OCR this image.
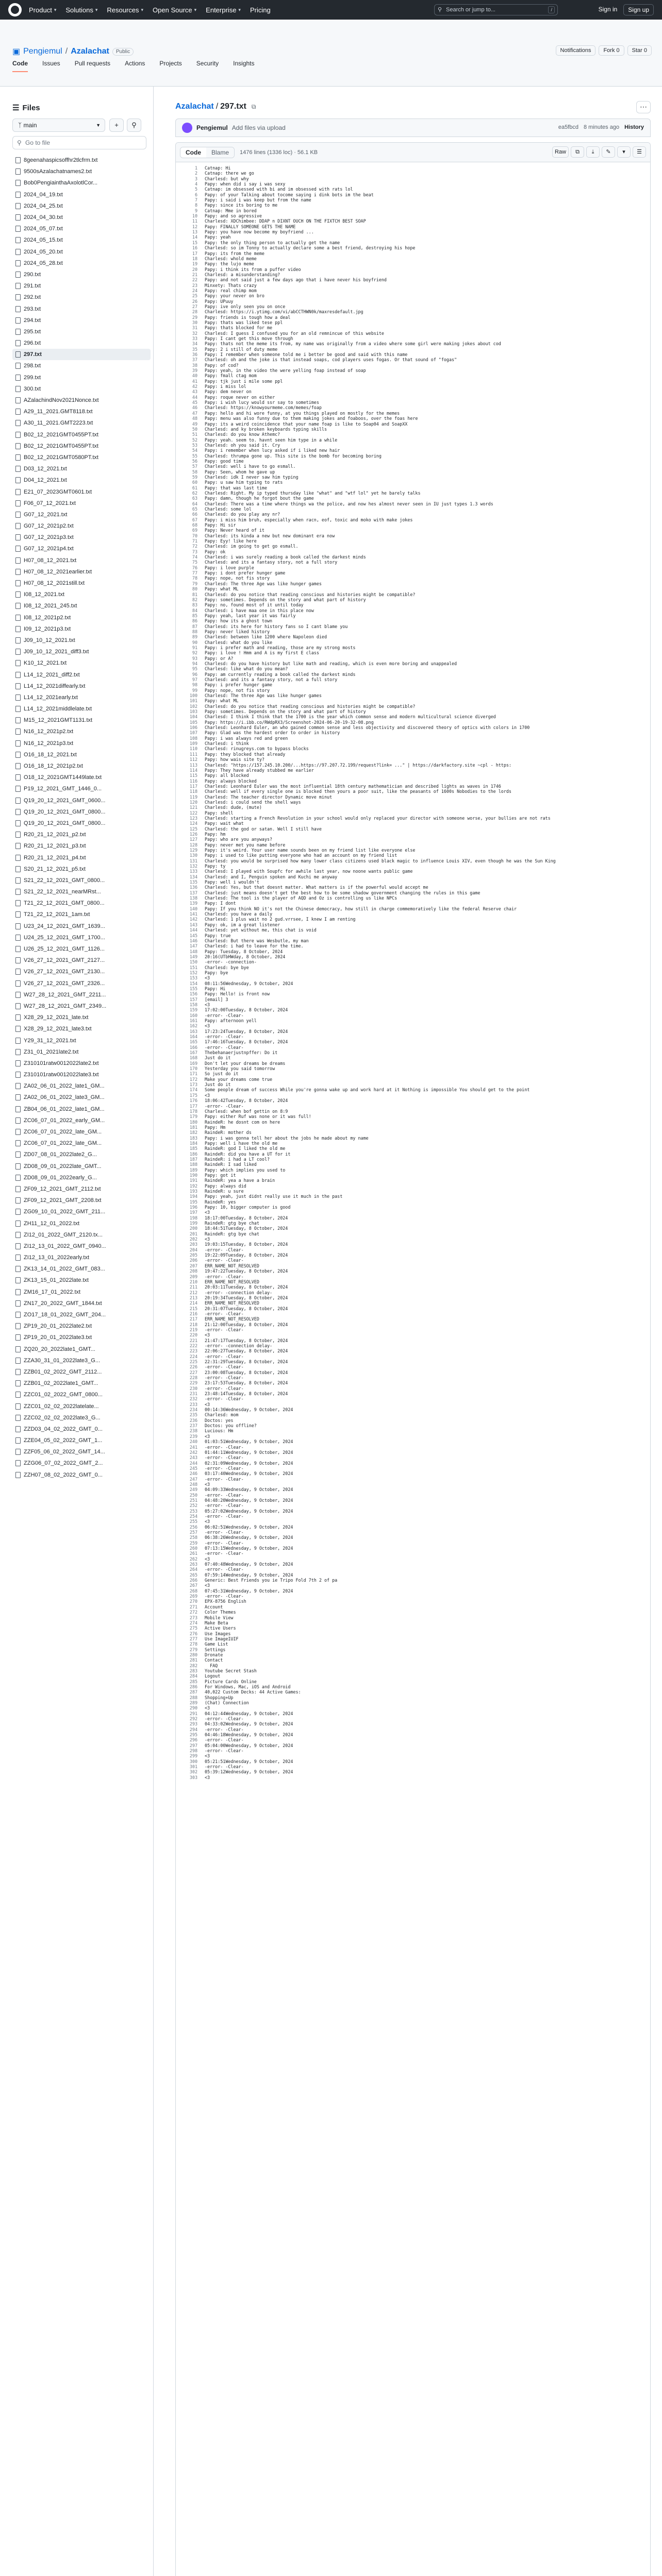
Product ▾ Solutions ▾ Resources ▾ Open Source ▾ Enterprise ▾ Pricing	⚲ Search or jump to...	/	Sign in	Sign up
▣ Pengiemul / Azalachat	Public	Notifications	Fork 0	Star 0
Code Issues Pull requests Actions Projects Security Insights
☰ Files
ᛉ main	▼	+	⚲
⚲ Go to file
8geenahaspicsoffhr2tlcfrm.txt
9500sAzalachatnames2.txt
Bob0PengiainthaAxolotlCor...
2024_04_19.txt
2024_04_25.txt
2024_04_30.txt
2024_05_07.txt
2024_05_15.txt
2024_05_20.txt
2024_05_28.txt
290.txt
291.txt
292.txt
293.txt
294.txt
295.txt
296.txt
297.txt
298.txt
299.txt
300.txt
AZalachindNov2021Nonce.txt
A29_11_2021.GMT8118.txt
A30_11_2021.GMT2223.txt
B02_12_2021GMT0455PT.txt
B02_12_2021GMT0455PT.txt
B02_12_2021GMT0580PT.txt
D03_12_2021.txt
D04_12_2021.txt
E21_07_2023GMT0601.txt
F06_07_12_2021.txt
G07_12_2021.txt
G07_12_2021p2.txt
G07_12_2021p3.txt
G07_12_2021p4.txt
H07_08_12_2021.txt
H07_08_12_2021earlier.txt
H07_08_12_2021still.txt
I08_12_2021.txt
I08_12_2021_245.txt
I08_12_2021p2.txt
I09_12_2021p3.txt
J09_10_12_2021.txt
J09_10_12_2021_diff3.txt
K10_12_2021.txt
L14_12_2021_diff2.txt
L14_12_2021diffearly.txt
L14_12_2021early.txt
L14_12_2021middlelate.txt
M15_12_2021GMT1131.txt
N16_12_2021p2.txt
N16_12_2021p3.txt
O16_18_12_2021.txt
O16_18_12_2021p2.txt
O18_12_2021GMT1449late.txt
P19_12_2021_GMT_1446_0...
Q19_20_12_2021_GMT_0600...
Q19_20_12_2021_GMT_0800...
Q19_20_12_2021_GMT_0800...
R20_21_12_2021_p2.txt
R20_21_12_2021_p3.txt
R20_21_12_2021_p4.txt
S20_21_12_2021_p5.txt
S21_22_12_2021_GMT_0800...
S21_22_12_2021_nearMRst...
T21_22_12_2021_GMT_0800...
T21_22_12_2021_1am.txt
U23_24_12_2021_GMT_1639...
U24_25_12_2021_GMT_1700...
U26_25_12_2021_GMT_1126...
V26_27_12_2021_GMT_2127...
V26_27_12_2021_GMT_2130...
V26_27_12_2021_GMT_2326...
W27_28_12_2021_GMT_2211...
W27_28_12_2021_GMT_2349...
X28_29_12_2021_late.txt
X28_29_12_2021_late3.txt
Y29_31_12_2021.txt
Z31_01_2021late2.txt
Z310101ratw0012022late2.txt
Z310101ratw0012022late3.txt
ZA02_06_01_2022_late1_GM...
ZA02_06_01_2022_late3_GM...
ZB04_06_01_2022_late1_GM...
ZC06_07_01_2022_early_GM...
ZC06_07_01_2022_late_GM...
ZC06_07_01_2022_late_GM...
ZD07_08_01_2022late2_G...
ZD08_09_01_2022late_GMT...
ZD08_09_01_2022early_G...
ZF09_12_2021_GMT_2112.txt
ZF09_12_2021_GMT_2208.txt
ZG09_10_01_2022_GMT_211...
ZH11_12_01_2022.txt
ZI12_01_2022_GMT_2120.tx...
ZI12_13_01_2022_GMT_0940...
ZI12_13_01_2022early.txt
ZK13_14_01_2022_GMT_083...
ZK13_15_01_2022late.txt
ZM16_17_01_2022.txt
ZN17_20_2022_GMT_1844.txt
ZO17_18_01_2022_GMT_204...
ZP19_20_01_2022late2.txt
ZP19_20_01_2022late3.txt
ZQ20_20_2022late1_GMT...
ZZA30_31_01_2022late3_G...
ZZB01_02_2022_GMT_2112...
ZZB01_02_2022late1_GMT...
ZZC01_02_2022_GMT_0800...
ZZC01_02_02_2022latelate...
ZZC02_02_02_2022late3_G...
ZZD03_04_02_2022_GMT_0...
ZZE04_05_02_2022_GMT_1...
ZZF05_06_02_2022_GMT_14...
ZZG06_07_02_2022_GMT_2...
ZZH07_08_02_2022_GMT_0...
Azalachat / 297.txt ⧉	⋯
Pengiemul Add files via upload	ea5fbcd 8 minutes ago History
Code	Blame	1476 lines (1336 loc) · 56.1 KB	Raw	⧉	⤓	✎	▾	☰
1	Catnap: Hi
2	Catnap: there we go
3	Charlesd: but why
4	Papy: when did i say i was sexy
5	Catnap: im obsessed with bi and im obsessed with rats lol
6	Papy: of your Talking about tocome saying i dink bots im the beat
7	Papy: i said i was keep but from the name
8	Papy: since its boring to me
9	Catnap: Mme in bored
10	Papy: and so agressive
11	Charlesd: XDChimbee: DDAP n DIXNT OUCH ON THE FIXTCH BEST SOAP
12	Papy: FINALLY SOMEONE GETS THE NAME
13	Papy: you have now become my boyfriend ...
14	Papy: yeah
15	Papy: the only thing person to actually get the name
16	Charlesd: so im Tonny to actually declare some a best friend, destroying his hope
17	Papy: its from the meme
18	Charlesd: whold meme
19	Papy: the lujo meme
20	Papy: i think its from a puffer video
21	Charlesd: a misunderstanding?
22	Papy: and not said just a few days ago that i have never his boyfriend
23	Minxety: Thats crazy
24	Papy: real chimp mom
25	Papy: your never on bro
26	Papy: UPuuy
27	Papy: ive only seen you on once
28	Charlesd: https://i.ytimg.com/vi/abCCTHWN0k/maxresdefault.jpg
29	Papy: friends is tough how a deal
30	Papy: thats was liked tese ppl
31	Papy: thats blocked for me
32	Charlesd: I guess I confused you for an old remnincue of this website
33	Papy: I cant get this move through
34	Papy: thats not the meme its from, my name was originally from a video where some girl were making jokes about cod
35	Papy: 2 i still of duty meme
36	Papy: I remember when someone told me i better be good and said with this name
37	Charlesd: oh and the joke is that instead soaps, cod players uses fogas. Or that sound of "fogas"
38	Papy: of cod?
39	Papy: yeah, in the video the were yelling foap instead of soap
40	Papy: fmall ctag mom
41	Papy: tjk just i mile some ppl
42	Papy: i miss lol
43	Papy: dem never on
44	Papy: roque never on either
45	Papy: i wish lucy would ssr say to sometimes
46	Charlesd: https://knowyourmeme.com/memes/foap
47	Papy: hello and hi wore funny, at you things played on mostly for the memes
48	Papy: menu was also funny due to them making jokes and foaboos, over the foas here
49	Papy: its a weird coincidence that your name foap is like to Soap04 and SoapXX
50	Charlesd: and ky broken keyboards typing skills
51	Charlesd: do you know Athemc?
52	Papy: yeah. seem to. havnt seen him type in a while
53	Charlesd: oh you said it. Cry
54	Papy: i remember when lucy asked if i liked new hair
55	Charlesd: thrumpa gone up. This site is the bomb for becoming boring
56	Papy: good time
57	Charlesd: well i have to go esmall.
58	Papy: Seen, whom he gave up
59	Charlesd: idk I never saw him typing
60	Papy: u saw him typing to rats
61	Papy: that was last time
62	Charlesd: Right. My ip typed thursday like "what" and "wtf lol" yet he barely talks
63	Papy: damn, though he forgot bout the game
64	Charlesd: There was a time where things wa the police, and now hes almost never seen in IU just types 1.3 words
65	Charlesd: some lol
66	Charlesd: do you play any nr?
67	Papy: i miss him bruh, especially when racn, eof, toxic and moko with make jokes
68	Papy: Hi sir
69	Papy: Never heard of it
70	Charlesd: its kinda a new but new dominant era now
71	Papy: Eyy! like here
72	Charlesd: im going to get go esmall.
73	Papy: ok
74	Charlesd: i was surely reading a book called the darkest minds
75	Charlesd: and its a fantasy story, not a full story
76	Papy: i love purple
77	Papy: i dont prefer hunger game
78	Papy: nope, not fis story
79	Charlesd: The three Age was like hunger games
80	Papy: what ML
81	Charlesd: do you notice that reading conscious and histories might be compatible?
82	Papy: sometimes. Depends on the story and what part of history
83	Papy: no, found most of it until today
84	Charlesd: i have maa one in this place now
85	Papy: yeah, last year it was fairly
86	Papy: how its a ghost town
87	Charlesd: its here for history fans so I cant blame you
88	Papy: never liked history
89	Charlesd: between like 1200 where Napoleon died
90	Charlesd: what do you like
91	Papy: i prefer math and reading, those are my strong mosts
92	Papy: i love ! Hmm and A is my first E class
93	Papy: or A?
94	Charlesd: do you have history but like math and reading, which is even more boring and unappealed
95	Charlesd: like what do you mean?
96	Papy: am currently reading a book called the darkest minds
97	Charlesd: and its a fantasy story, not a full story
98	Papy: i prefer hunger game
99	Papy: nope, not fis story
100	Charlesd: The three Age was like hunger games
101	Papy: what ML
102	Charlesd: do you notice that reading conscious and histories might be compatible?
103	Papy: sometimes. Depends on the story and what part of history
104	Charlesd: I think I think that the 1700 is the year which common sense and modern multicultural science diverged
105	Papy: https://i.ibb.co/RWdpRX3/Screenshot-2024-06-20-19-32-08.png
106	Charlesd: Leonhard Euler, an who gained common sense and less objectivity and discovered theory of optics with colors in 1700
107	Papy: Glad was the hardest order to order in history
108	Papy: i was always red and green
109	Charlesd: i think
110	Charlesd: rinugreys.com to bypass blocks
111	Papy: they blocked that already
112	Papy: how wais site ty?
113	Charlesd: "https://157.245.10.200/...https://97.207.72.199/request?link= ..." | https://darkfactory.site ~cpl - https:
114	Papy: They have already stubbed me earlier
115	Papy: all blocked
116	Papy: always blocked
117	Charlesd: Leonhard Euler was the most influential 18th century mathematician and described lights as waves in 1746
118	Charlesd: well if every single one is blocked then yours a poor suit, like the peasants of 1600s Nobodies to the lords
119	Charlesd: The teacher director Dynamic move minut
120	Charlesd: i could send the shell ways
121	Charlesd: dude, (mute)
122	Papy: shell
123	Charlesd: starting a French Revolution in your school would only replaced your director with someone worse, your bullies are not rats
124	Papy: wait what
125	Charlesd: the god or satan. Well I still have
126	Papy: hm
127	Papy: who are you anyways?
128	Papy: never met you name before
129	Papy: it's weird. Your user name sounds been on my friend list like everyone else
130	Papy: i used to like putting everyone who had an account on my friend list
131	Charlesd: you would be surprised how many lower class citizens used black magic to influence Louis XIV, even though he was the Sun King
132	Papy: ty
133	Charlesd: I played with Soupfc for awhile last year, now noone wants public game
134	Charlesd: and I, Penguin spoken and Kuchi me anyway
135	Papy: well i wouldn't
136	Charlesd: Yes, but that doesnt matter. What matters is if the powerful would accept me
137	Charlesd: just means doesn't get the best how to be some shadow government changing the rules in this game
138	Charlesd: The tool is the player of AQD and Oz is controlling us like NPCs
139	Papy: I dont
140	Papy: If you think NO it's not the Chinese democracy, how still in charge commemoratively like the federal Reserve chair
141	Charlesd: you have a daily
142	Charlesd: 1 plus wait no 2 gud.vrrsee, I knew I am renting
143	Papy: ok, im a great listener
144	Charlesd: yet without me, this chat is void
145	Papy: true
146	Charlesd: But there was Wesbutle, my man
147	Charlesd: i had to leave for the time.
148	Papy: Tuesday, 8 October, 2024
149	20:16(UTbHWday, 8 October, 2024
150	-error- -connection-
151	Charlesd: bye bye
152	Papy: bye
153	<3
154	08:11:56Wednesday, 9 October, 2024
155	Papy: Hi
156	Papy: Hello! is front now
157	[email] 3
158	<3
159	17:02:00Tuesday, 8 October, 2024
160	-error- -Clear-
161	Papy: afternoon yell
162	<3
163	17:23:24Tuesday, 8 October, 2024
164	-error- -Clear-
165	17:46:16Tuesday, 8 October, 2024
166	-error- -Clear-
167	Thebehanaerjustnpffer: Do it
168	Just do it
169	Don't let your dreams be dreams
170	Yesterday you said tomorrow
171	So just do it
172	Make your dreams come true
173	Just do it
174	Some people dream of success While you're gonna wake up and work hard at it Nothing is impossible You should get to the point
175	<3
176	18:06:42Tuesday, 8 October, 2024
177	-error- -Clear-
178	Charlesd: when bof gettin on 8:9
179	Papy: either Ruf was none or it was full!
180	RaindeR: he dosnt com on here
181	Papy: Hm
182	RaindeR: mother ds
183	Papy: i was gonna tell her about the jobs he made about my name
184	Papy: well i have the old me
185	RaindeR: god I liked the old me
186	RaindeR: did you have a UT for it
187	RaindeR: i had a LT cool?
188	RaindeR: I sad liked
189	Papy: which implies you used to
190	Papy: got it
191	RaindeR: yea a have a brain
192	Papy: always did
193	RaindeR: u sure
194	Papy: yeah, just didnt really use it much in the past
195	RaindeR: yes
196	Papy: 10, bigger computer is good
197	<3
198	18:17:00Tuesday, 8 October, 2024
199	RaindeR: gtg bye chat
200	18:44:51Tuesday, 8 October, 2024
201	RaindeR: gtg bye chat
202	<3
203	19:03:15Tuesday, 8 October, 2024
204	-error- -Clear-
205	19:22:09Tuesday, 8 October, 2024
206	-error- -Clear-
207	ERR_NAME_NOT_RESOLVED
208	19:47:22Tuesday, 8 October, 2024
209	-error- -Clear-
210	ERR_NAME_NOT_RESOLVED
211	20:03:11Tuesday, 8 October, 2024
212	-error- -connection delay-
213	20:19:34Tuesday, 8 October, 2024
214	ERR_NAME_NOT_RESOLVED
215	20:31:07Tuesday, 8 October, 2024
216	-error- -Clear-
217	ERR_NAME_NOT_RESOLVED
218	21:12:00Tuesday, 8 October, 2024
219	-error- -Clear-
220	<3
221	21:47:17Tuesday, 8 October, 2024
222	-error- -connection delay-
223	22:06:27Tuesday, 8 October, 2024
224	-error- -Clear-
225	22:31:29Tuesday, 8 October, 2024
226	-error- -Clear-
227	23:00:08Tuesday, 8 October, 2024
228	-error- -Clear-
229	23:17:53Tuesday, 8 October, 2024
230	-error- -Clear-
231	23:48:14Tuesday, 8 October, 2024
232	-error- -Clear-
233	<3
234	00:14:36Wednesday, 9 October, 2024
235	Charlesd: mom
236	Doctos: yes
237	Doctos: you offline?
238	Lucious: Hm
239	<3
240	01:03:51Wednesday, 9 October, 2024
241	-error- -Clear-
242	01:44:11Wednesday, 9 October, 2024
243	-error- -Clear-
244	02:31:09Wednesday, 9 October, 2024
245	-error- -Clear-
246	03:17:40Wednesday, 9 October, 2024
247	-error- -Clear-
248	<3
249	04:09:33Wednesday, 9 October, 2024
250	-error- -Clear-
251	04:48:20Wednesday, 9 October, 2024
252	-error- -Clear-
253	05:27:02Wednesday, 9 October, 2024
254	-error- -Clear-
255	<3
256	06:02:51Wednesday, 9 October, 2024
257	-error- -Clear-
258	06:38:26Wednesday, 9 October, 2024
259	-error- -Clear-
260	07:13:15Wednesday, 9 October, 2024
261	-error- -Clear-
262	<3
263	07:40:48Wednesday, 9 October, 2024
264	-error- -Clear-
265	07:59:14Wednesday, 9 October, 2024
266	Generic: Best Friends you ie Tripo Fold 7th 2 of pa
267	<3
268	07:45:31Wednesday, 9 October, 2024
269	-error- -Clear-
270	EPX-8756 English
271	Account
272	Color Themes
273	Mobile View
274	Make Beta
275	Active Users
276	Use Images
277	Use ImageIUIF
278	Game List
279	Settings
280	Dronate
281	Contact
282	FAQ
283	Youtube Secret Stash
284	Logout
285	Picture Cards Online
286	For Windows, Mac, iOS and Android
287	40,022 Custom Decks: 44 Active Games:
288	Shopping+Up
289	(Chat) Connection
290	<3
291	04:12:44Wednesday, 9 October, 2024
292	-error- -Clear-
293	04:33:02Wednesday, 9 October, 2024
294	-error- -Clear-
295	04:46:18Wednesday, 9 October, 2024
296	-error- -Clear-
297	05:04:00Wednesday, 9 October, 2024
298	-error- -Clear-
299	<3
300	05:21:51Wednesday, 9 October, 2024
301	-error- -Clear-
302	05:39:12Wednesday, 9 October, 2024
303	<3
